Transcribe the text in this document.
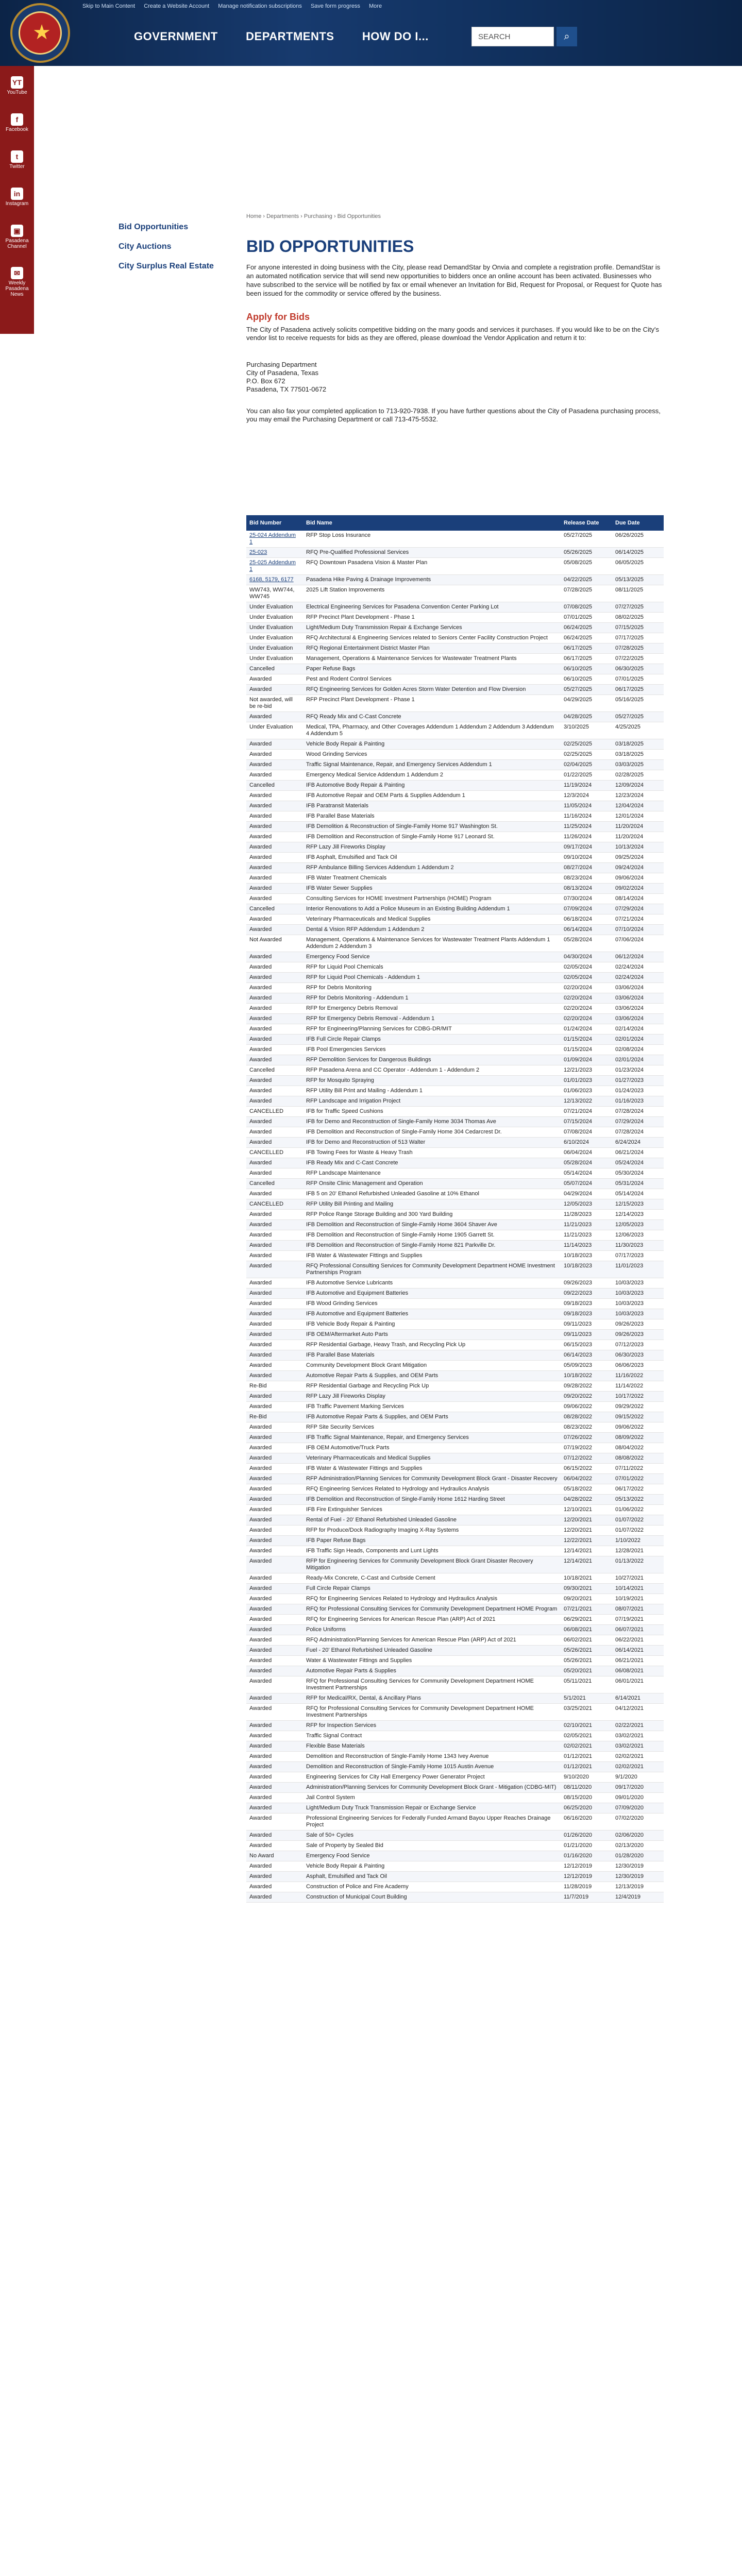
★
Skip to Main Content Create a Website Account Manage notification subscriptions Save form progress More
GOVERNMENT DEPARTMENTS HOW DO I...	SEARCH	⌕
YT
YouTube
f
Facebook
t
Twitter
in
Instagram
▣
Pasadena Channel
✉
Weekly Pasadena News
Bid Opportunities
City Auctions
City Surplus Real Estate
Home › Departments › Purchasing › Bid Opportunities
BID OPPORTUNITIES
For anyone interested in doing business with the City, please read DemandStar by Onvia and complete a registration profile. DemandStar is an automated notification service that will send new opportunities to bidders once an online account has been activated. Businesses who have subscribed to the service will be notified by fax or email whenever an Invitation for Bid, Request for Proposal, or Request for Quote has been issued for the commodity or service offered by the business.
Apply for Bids
The City of Pasadena actively solicits competitive bidding on the many goods and services it purchases. If you would like to be on the City's vendor list to receive requests for bids as they are offered, please download the Vendor Application and return it to:
Purchasing Department
City of Pasadena, Texas
P.O. Box 672
Pasadena, TX 77501-0672
You can also fax your completed application to 713-920-7938. If you have further questions about the City of Pasadena purchasing process, you may email the Purchasing Department or call 713-475-5532.
Bid Number	Bid Name	Release Date	Due Date
25-024 Addendum 1	RFP Stop Loss Insurance	05/27/2025	06/26/2025
25-023	RFQ Pre-Qualified Professional Services	05/26/2025	06/14/2025
25-025 Addendum 1	RFQ Downtown Pasadena Vision & Master Plan	05/08/2025	06/05/2025
6168, 5179, 6177	Pasadena Hike Paving & Drainage Improvements	04/22/2025	05/13/2025
WW743, WW744, WW745	2025 Lift Station Improvements	07/28/2025	08/11/2025
Under Evaluation	Electrical Engineering Services for Pasadena Convention Center Parking Lot	07/08/2025	07/27/2025
Under Evaluation	RFP Precinct Plant Development - Phase 1	07/01/2025	08/02/2025
Under Evaluation	Light/Medium Duty Transmission Repair & Exchange Services	06/24/2025	07/15/2025
Under Evaluation	RFQ Architectural & Engineering Services related to Seniors Center Facility Construction Project	06/24/2025	07/17/2025
Under Evaluation	RFQ Regional Entertainment District Master Plan	06/17/2025	07/28/2025
Under Evaluation	Management, Operations & Maintenance Services for Wastewater Treatment Plants	06/17/2025	07/22/2025
Cancelled	Paper Refuse Bags	06/10/2025	06/30/2025
Awarded	Pest and Rodent Control Services	06/10/2025	07/01/2025
Awarded	RFQ Engineering Services for Golden Acres Storm Water Detention and Flow Diversion	05/27/2025	06/17/2025
Not awarded, will be re-bid	RFP Precinct Plant Development - Phase 1	04/29/2025	05/16/2025
Awarded	RFQ Ready Mix and C-Cast Concrete	04/28/2025	05/27/2025
Under Evaluation	Medical, TPA, Pharmacy, and Other Coverages Addendum 1 Addendum 2 Addendum 3 Addendum 4 Addendum 5	3/10/2025	4/25/2025
Awarded	Vehicle Body Repair & Painting	02/25/2025	03/18/2025
Awarded	Wood Grinding Services	02/25/2025	03/18/2025
Awarded	Traffic Signal Maintenance, Repair, and Emergency Services Addendum 1	02/04/2025	03/03/2025
Awarded	Emergency Medical Service Addendum 1 Addendum 2	01/22/2025	02/28/2025
Cancelled	IFB Automotive Body Repair & Painting	11/19/2024	12/09/2024
Awarded	IFB Automotive Repair and OEM Parts & Supplies Addendum 1	12/3/2024	12/23/2024
Awarded	IFB Paratransit Materials	11/05/2024	12/04/2024
Awarded	IFB Parallel Base Materials	11/16/2024	12/01/2024
Awarded	IFB Demolition & Reconstruction of Single-Family Home 917 Washington St.	11/25/2024	11/20/2024
Awarded	IFB Demolition and Reconstruction of Single-Family Home 917 Leonard St.	11/26/2024	11/20/2024
Awarded	RFP Lazy Jill Fireworks Display	09/17/2024	10/13/2024
Awarded	IFB Asphalt, Emulsified and Tack Oil	09/10/2024	09/25/2024
Awarded	RFP Ambulance Billing Services Addendum 1 Addendum 2	08/27/2024	09/24/2024
Awarded	IFB Water Treatment Chemicals	08/23/2024	09/06/2024
Awarded	IFB Water Sewer Supplies	08/13/2024	09/02/2024
Awarded	Consulting Services for HOME Investment Partnerships (HOME) Program	07/30/2024	08/14/2024
Cancelled	Interior Renovations to Add a Police Museum in an Existing Building Addendum 1	07/09/2024	07/29/2024
Awarded	Veterinary Pharmaceuticals and Medical Supplies	06/18/2024	07/21/2024
Awarded	Dental & Vision RFP Addendum 1 Addendum 2	06/14/2024	07/10/2024
Not Awarded	Management, Operations & Maintenance Services for Wastewater Treatment Plants Addendum 1 Addendum 2 Addendum 3	05/28/2024	07/06/2024
Awarded	Emergency Food Service	04/30/2024	06/12/2024
Awarded	RFP for Liquid Pool Chemicals	02/05/2024	02/24/2024
Awarded	RFP for Liquid Pool Chemicals - Addendum 1	02/05/2024	02/24/2024
Awarded	RFP for Debris Monitoring	02/20/2024	03/06/2024
Awarded	RFP for Debris Monitoring - Addendum 1	02/20/2024	03/06/2024
Awarded	RFP for Emergency Debris Removal	02/20/2024	03/06/2024
Awarded	RFP for Emergency Debris Removal - Addendum 1	02/20/2024	03/06/2024
Awarded	RFP for Engineering/Planning Services for CDBG-DR/MIT	01/24/2024	02/14/2024
Awarded	IFB Full Circle Repair Clamps	01/15/2024	02/01/2024
Awarded	IFB Pool Emergencies Services	01/15/2024	02/08/2024
Awarded	RFP Demolition Services for Dangerous Buildings	01/09/2024	02/01/2024
Cancelled	RFP Pasadena Arena and CC Operator - Addendum 1 - Addendum 2	12/21/2023	01/23/2024
Awarded	RFP for Mosquito Spraying	01/01/2023	01/27/2023
Awarded	RFP Utility Bill Print and Mailing - Addendum 1	01/06/2023	01/24/2023
Awarded	RFP Landscape and Irrigation Project	12/13/2022	01/16/2023
CANCELLED	IFB for Traffic Speed Cushions	07/21/2024	07/28/2024
Awarded	IFB for Demo and Reconstruction of Single-Family Home 3034 Thomas Ave	07/15/2024	07/29/2024
Awarded	IFB Demolition and Reconstruction of Single-Family Home 304 Cedarcrest Dr.	07/08/2024	07/28/2024
Awarded	IFB for Demo and Reconstruction of 513 Walter	6/10/2024	6/24/2024
CANCELLED	IFB Towing Fees for Waste & Heavy Trash	06/04/2024	06/21/2024
Awarded	IFB Ready Mix and C-Cast Concrete	05/28/2024	05/24/2024
Awarded	RFP Landscape Maintenance	05/14/2024	05/30/2024
Cancelled	RFP Onsite Clinic Management and Operation	05/07/2024	05/31/2024
Awarded	IFB 5 on 20' Ethanol Refurbished Unleaded Gasoline at 10% Ethanol	04/29/2024	05/14/2024
CANCELLED	RFP Utility Bill Printing and Mailing	12/05/2023	12/15/2023
Awarded	RFP Police Range Storage Building and 300 Yard Building	11/28/2023	12/14/2023
Awarded	IFB Demolition and Reconstruction of Single-Family Home 3604 Shaver Ave	11/21/2023	12/05/2023
Awarded	IFB Demolition and Reconstruction of Single-Family Home 1905 Garrett St.	11/21/2023	12/06/2023
Awarded	IFB Demolition and Reconstruction of Single-Family Home 821 Parkville Dr.	11/14/2023	11/30/2023
Awarded	IFB Water & Wastewater Fittings and Supplies	10/18/2023	07/17/2023
Awarded	RFQ Professional Consulting Services for Community Development Department HOME Investment Partnerships Program	10/18/2023	11/01/2023
Awarded	IFB Automotive Service Lubricants	09/26/2023	10/03/2023
Awarded	IFB Automotive and Equipment Batteries	09/22/2023	10/03/2023
Awarded	IFB Wood Grinding Services	09/18/2023	10/03/2023
Awarded	IFB Automotive and Equipment Batteries	09/18/2023	10/03/2023
Awarded	IFB Vehicle Body Repair & Painting	09/11/2023	09/26/2023
Awarded	IFB OEM/Aftermarket Auto Parts	09/11/2023	09/26/2023
Awarded	RFP Residential Garbage, Heavy Trash, and Recycling Pick Up	06/15/2023	07/12/2023
Awarded	IFB Parallel Base Materials	06/14/2023	06/30/2023
Awarded	Community Development Block Grant Mitigation	05/09/2023	06/06/2023
Awarded	Automotive Repair Parts & Supplies, and OEM Parts	10/18/2022	11/16/2022
Re-Bid	RFP Residential Garbage and Recycling Pick Up	09/28/2022	11/14/2022
Awarded	RFP Lazy Jill Fireworks Display	09/20/2022	10/17/2022
Awarded	IFB Traffic Pavement Marking Services	09/06/2022	09/29/2022
Re-Bid	IFB Automotive Repair Parts & Supplies, and OEM Parts	08/28/2022	09/15/2022
Awarded	RFP Site Security Services	08/23/2022	09/06/2022
Awarded	IFB Traffic Signal Maintenance, Repair, and Emergency Services	07/26/2022	08/09/2022
Awarded	IFB OEM Automotive/Truck Parts	07/19/2022	08/04/2022
Awarded	Veterinary Pharmaceuticals and Medical Supplies	07/12/2022	08/08/2022
Awarded	IFB Water & Wastewater Fittings and Supplies	06/15/2022	07/11/2022
Awarded	RFP Administration/Planning Services for Community Development Block Grant - Disaster Recovery	06/04/2022	07/01/2022
Awarded	RFQ Engineering Services Related to Hydrology and Hydraulics Analysis	05/18/2022	06/17/2022
Awarded	IFB Demolition and Reconstruction of Single-Family Home 1612 Harding Street	04/28/2022	05/13/2022
Awarded	IFB Fire Extinguisher Services	12/10/2021	01/06/2022
Awarded	Rental of Fuel - 20' Ethanol Refurbished Unleaded Gasoline	12/20/2021	01/07/2022
Awarded	RFP for Produce/Dock Radiography Imaging X-Ray Systems	12/20/2021	01/07/2022
Awarded	IFB Paper Refuse Bags	12/22/2021	1/10/2022
Awarded	IFB Traffic Sign Heads, Components and Lunt Lights	12/14/2021	12/28/2021
Awarded	RFP for Engineering Services for Community Development Block Grant Disaster Recovery Mitigation	12/14/2021	01/13/2022
Awarded	Ready-Mix Concrete, C-Cast and Curbside Cement	10/18/2021	10/27/2021
Awarded	Full Circle Repair Clamps	09/30/2021	10/14/2021
Awarded	RFQ for Engineering Services Related to Hydrology and Hydraulics Analysis	09/20/2021	10/19/2021
Awarded	RFQ for Professional Consulting Services for Community Development Department HOME Program	07/21/2021	08/07/2021
Awarded	RFQ for Engineering Services for American Rescue Plan (ARP) Act of 2021	06/29/2021	07/19/2021
Awarded	Police Uniforms	06/08/2021	06/07/2021
Awarded	RFQ Administration/Planning Services for American Rescue Plan (ARP) Act of 2021	06/02/2021	06/22/2021
Awarded	Fuel - 20' Ethanol Refurbished Unleaded Gasoline	05/26/2021	06/14/2021
Awarded	Water & Wastewater Fittings and Supplies	05/26/2021	06/21/2021
Awarded	Automotive Repair Parts & Supplies	05/20/2021	06/08/2021
Awarded	RFQ for Professional Consulting Services for Community Development Department HOME Investment Partnerships	05/11/2021	06/01/2021
Awarded	RFP for Medical/RX, Dental, & Ancillary Plans	5/1/2021	6/14/2021
Awarded	RFQ for Professional Consulting Services for Community Development Department HOME Investment Partnerships	03/25/2021	04/12/2021
Awarded	RFP for Inspection Services	02/10/2021	02/22/2021
Awarded	Traffic Signal Contract	02/05/2021	03/02/2021
Awarded	Flexible Base Materials	02/02/2021	03/02/2021
Awarded	Demolition and Reconstruction of Single-Family Home 1343 Ivey Avenue	01/12/2021	02/02/2021
Awarded	Demolition and Reconstruction of Single-Family Home 1015 Austin Avenue	01/12/2021	02/02/2021
Awarded	Engineering Services for City Hall Emergency Power Generator Project	9/10/2020	9/1/2020
Awarded	Administration/Planning Services for Community Development Block Grant - Mitigation (CDBG-MIT)	08/11/2020	09/17/2020
Awarded	Jail Control System	08/15/2020	09/01/2020
Awarded	Light/Medium Duty Truck Transmission Repair or Exchange Service	06/25/2020	07/09/2020
Awarded	Professional Engineering Services for Federally Funded Armand Bayou Upper Reaches Drainage Project	06/16/2020	07/02/2020
Awarded	Sale of 50+ Cycles	01/26/2020	02/06/2020
Awarded	Sale of Property by Sealed Bid	01/21/2020	02/13/2020
No Award	Emergency Food Service	01/16/2020	01/28/2020
Awarded	Vehicle Body Repair & Painting	12/12/2019	12/30/2019
Awarded	Asphalt, Emulsified and Tack Oil	12/12/2019	12/30/2019
Awarded	Construction of Police and Fire Academy	11/28/2019	12/13/2019
Awarded	Construction of Municipal Court Building	11/7/2019	12/4/2019
